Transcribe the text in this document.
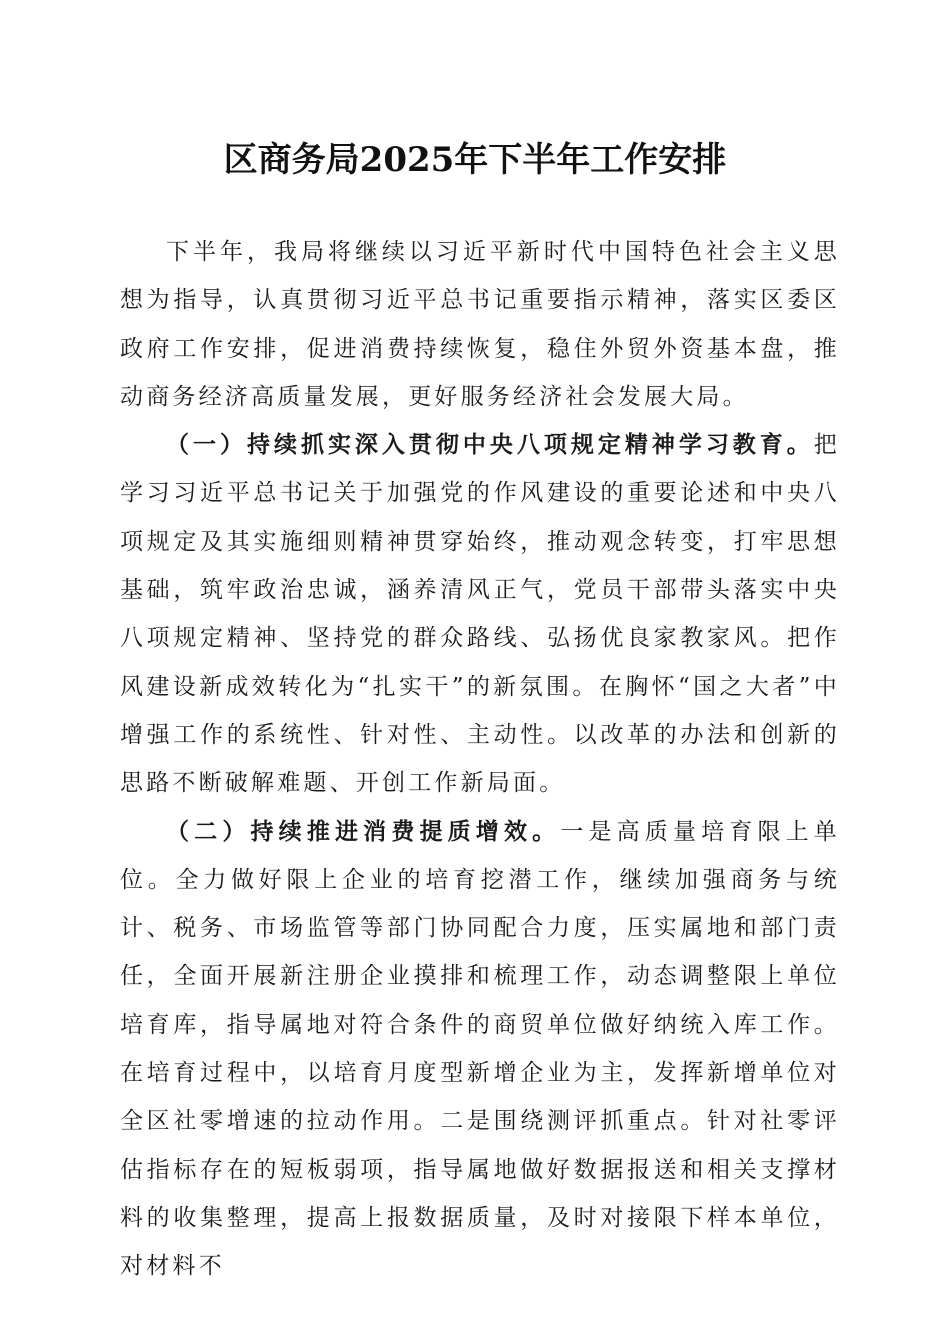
区商务局2025年下半年工作安排

下半年，我局将继续以习近平新时代中国特色社会主义思想为指导，认真贯彻习近平总书记重要指示精神，落实区委区政府工作安排，促进消费持续恢复，稳住外贸外资基本盘，推动商务经济高质量发展，更好服务经济社会发展大局。

（一）持续抓实深入贯彻中央八项规定精神学习教育。把学习习近平总书记关于加强党的作风建设的重要论述和中央八项规定及其实施细则精神贯穿始终，推动观念转变，打牢思想基础，筑牢政治忠诚，涵养清风正气，党员干部带头落实中央八项规定精神、坚持党的群众路线、弘扬优良家教家风。把作风建设新成效转化为“扎实干”的新氛围。在胸怀“国之大者”中增强工作的系统性、针对性、主动性。以改革的办法和创新的思路不断破解难题、开创工作新局面。

（二）持续推进消费提质增效。一是高质量培育限上单位。全力做好限上企业的培育挖潜工作，继续加强商务与统计、税务、市场监管等部门协同配合力度，压实属地和部门责任，全面开展新注册企业摸排和梳理工作，动态调整限上单位培育库，指导属地对符合条件的商贸单位做好纳统入库工作。在培育过程中，以培育月度型新增企业为主，发挥新增单位对全区社零增速的拉动作用。二是围绕测评抓重点。针对社零评估指标存在的短板弱项，指导属地做好数据报送和相关支撑材料的收集整理，提高上报数据质量，及时对接限下样本单位，对材料不
